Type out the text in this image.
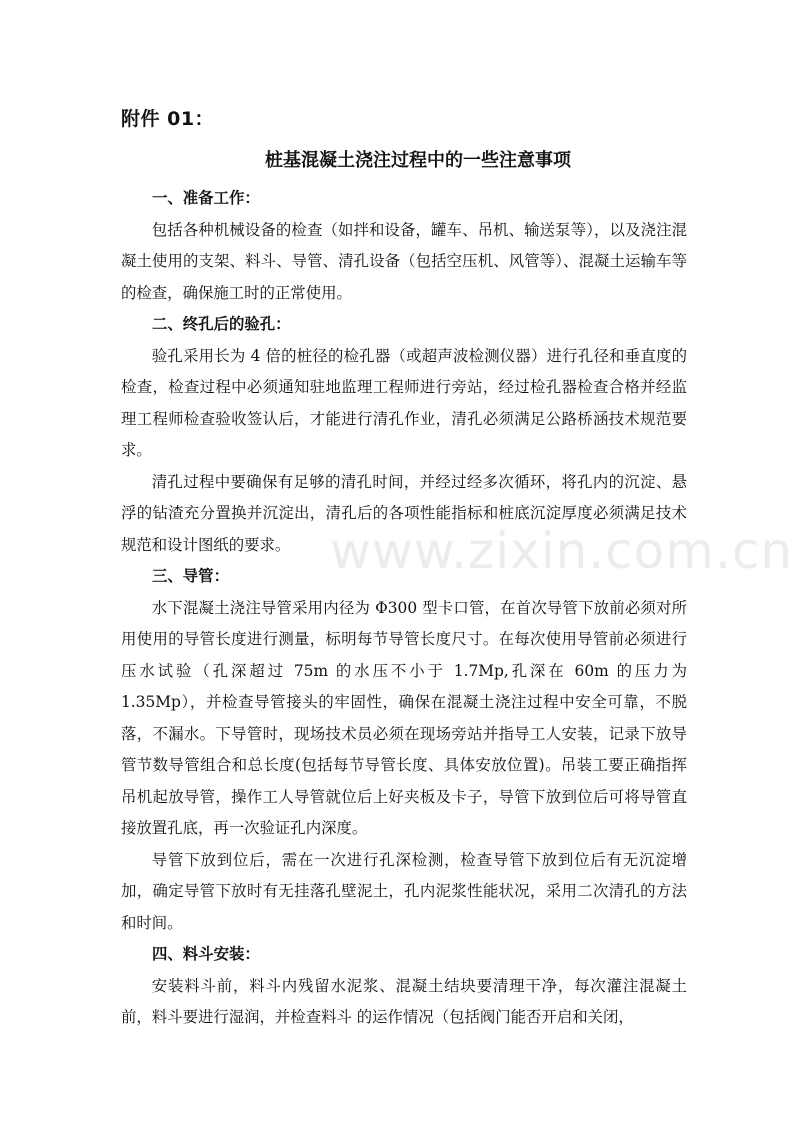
附件 01：
桩基混凝土浇注过程中的一些注意事项
一、准备工作：

包括各种机械设备的检查（如拌和设备，罐车、吊机、输送泵等），以及浇注混凝土使用的支架、料斗、导管、清孔设备（包括空压机、风管等）、混凝土运输车等的检查，确保施工时的正常使用。

二、终孔后的验孔：

验孔采用长为 4 倍的桩径的检孔器（或超声波检测仪器）进行孔径和垂直度的检查，检查过程中必须通知驻地监理工程师进行旁站，经过检孔器检查合格并经监理工程师检查验收签认后，才能进行清孔作业，清孔必须满足公路桥涵技术规范要求。

清孔过程中要确保有足够的清孔时间，并经过经多次循环，将孔内的沉淀、悬浮的钻渣充分置换并沉淀出，清孔后的各项性能指标和桩底沉淀厚度必须满足技术规范和设计图纸的要求。

三、导管：

水下混凝土浇注导管采用内径为 Φ300 型卡口管，在首次导管下放前必须对所用使用的导管长度进行测量，标明每节导管长度尺寸。在每次使用导管前必须进行压水试验（孔深超过 75m 的水压不小于 1.7Mp,孔深在 60m 的压力为 1.35Mp），并检查导管接头的牢固性，确保在混凝土浇注过程中安全可靠，不脱落，不漏水。下导管时，现场技术员必须在现场旁站并指导工人安装，记录下放导管节数导管组合和总长度(包括每节导管长度、具体安放位置)。吊装工要正确指挥吊机起放导管，操作工人导管就位后上好夹板及卡子，导管下放到位后可将导管直接放置孔底，再一次验证孔内深度。

导管下放到位后，需在一次进行孔深检测，检查导管下放到位后有无沉淀增加，确定导管下放时有无挂落孔壁泥土，孔内泥浆性能状况，采用二次清孔的方法和时间。

四、料斗安装：

安装料斗前，料斗内残留水泥浆、混凝土结块要清理干净，每次灌注混凝土前，料斗要进行湿润，并检查料斗 的运作情况（包括阀门能否开启和关闭，

www.zixin.com.cn
